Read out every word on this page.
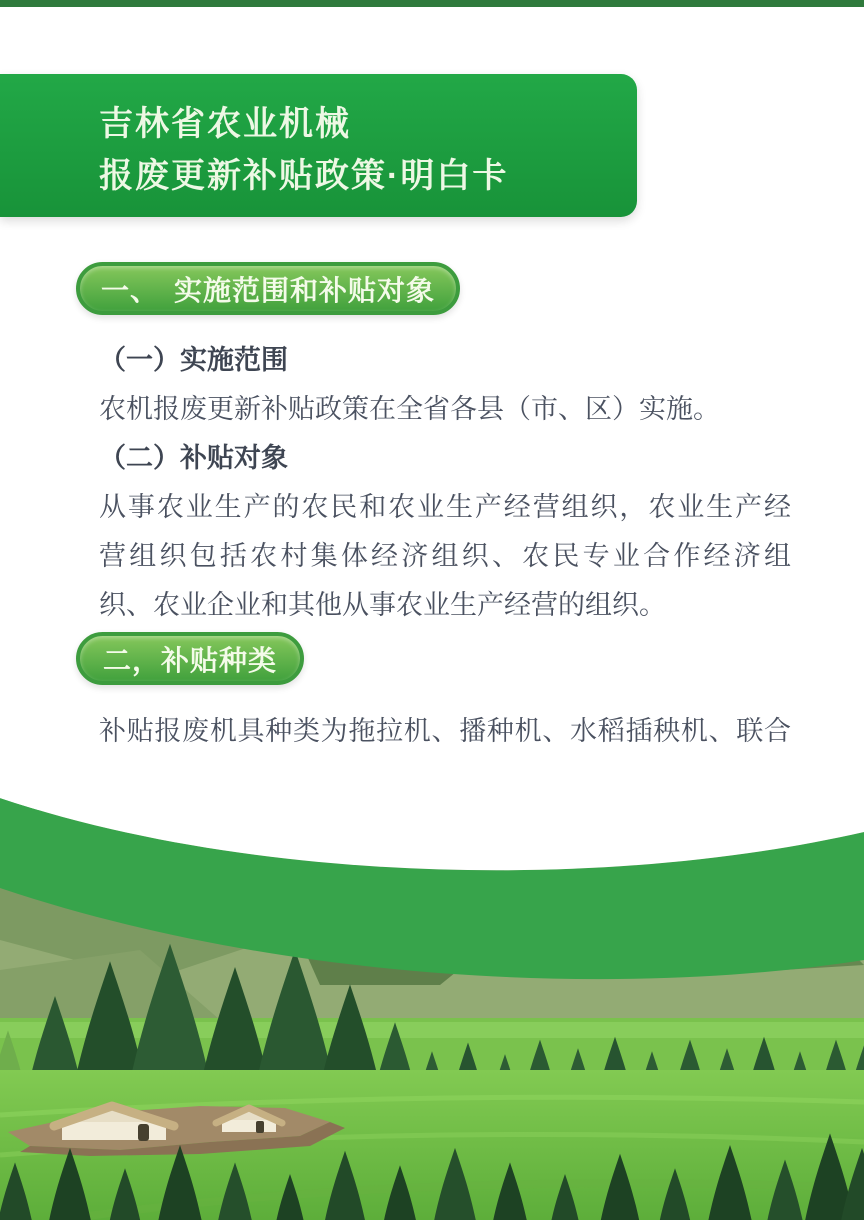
吉林省农业机械
报废更新补贴政策·明白卡
一、　实施范围和补贴对象
（一）实施范围
农机报废更新补贴政策在全省各县（市、区）实施。
（二）补贴对象
从事农业生产的农民和农业生产经营组织，农业生产经
营组织包括农村集体经济组织、农民专业合作经济组
织、农业企业和其他从事农业生产经营的组织。
二，补贴种类
补贴报废机具种类为拖拉机、播种机、水稻插秧机、联合
